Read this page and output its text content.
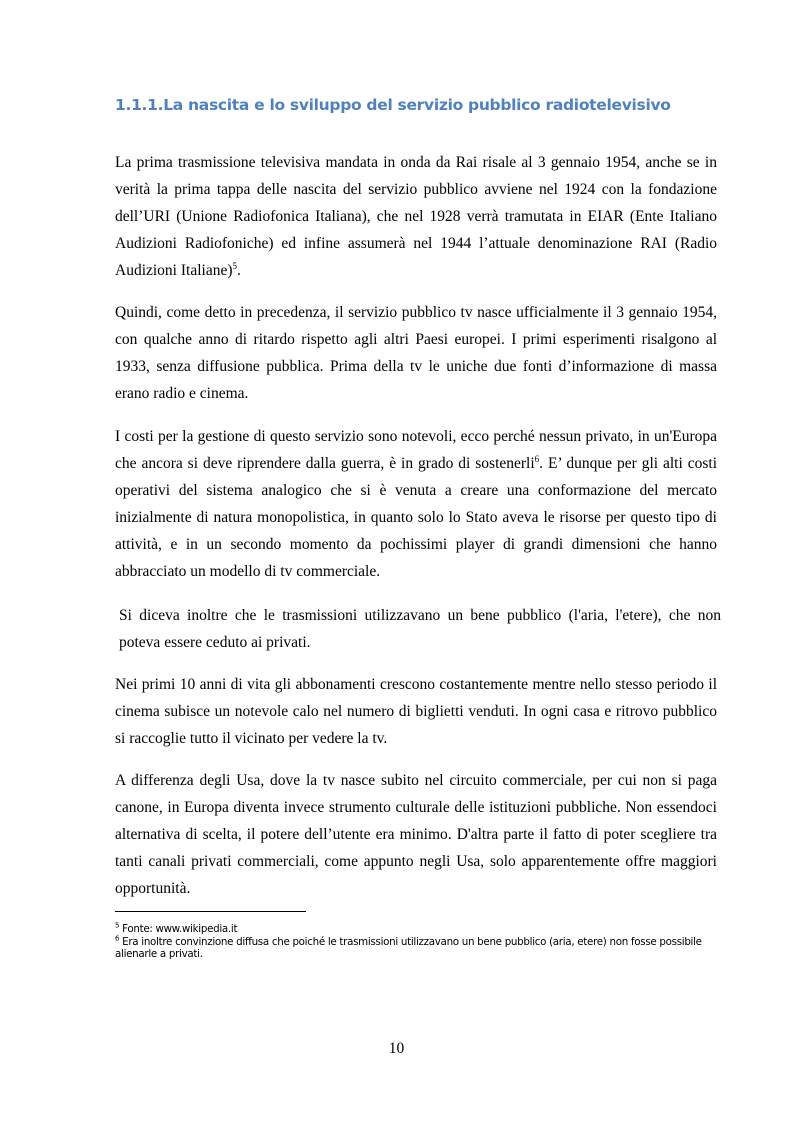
1.1.1.La nascita e lo sviluppo del servizio pubblico radiotelevisivo

La prima trasmissione televisiva mandata in onda da Rai risale al 3 gennaio 1954, anche se in verità la prima tappa delle nascita del servizio pubblico avviene nel 1924 con la fondazione dell’URI (Unione Radiofonica Italiana), che nel 1928 verrà tramutata in EIAR (Ente Italiano Audizioni Radiofoniche) ed infine assumerà nel 1944 l’attuale denominazione RAI (Radio Audizioni Italiane)$^5$.

Quindi, come detto in precedenza, il servizio pubblico tv nasce ufficialmente il 3 gennaio 1954, con qualche anno di ritardo rispetto agli altri Paesi europei. I primi esperimenti risalgono al 1933, senza diffusione pubblica. Prima della tv le uniche due fonti d’informazione di massa erano radio e cinema.

I costi per la gestione di questo servizio sono notevoli, ecco perché nessun privato, in un'Europa che ancora si deve riprendere dalla guerra, è in grado di sostenerli$^6$. E’ dunque per gli alti costi operativi del sistema analogico che si è venuta a creare una conformazione del mercato inizialmente di natura monopolistica, in quanto solo lo Stato aveva le risorse per questo tipo di attività, e in un secondo momento da pochissimi player di grandi dimensioni che hanno abbracciato un modello di tv commerciale.

Si diceva inoltre che le trasmissioni utilizzavano un bene pubblico (l'aria, l'etere), che non poteva essere ceduto ai privati.

Nei primi 10 anni di vita gli abbonamenti crescono costantemente mentre nello stesso periodo il cinema subisce un notevole calo nel numero di biglietti venduti. In ogni casa e ritrovo pubblico si raccoglie tutto il vicinato per vedere la tv.

A differenza degli Usa, dove la tv nasce subito nel circuito commerciale, per cui non si paga canone, in Europa diventa invece strumento culturale delle istituzioni pubbliche. Non essendoci alternativa di scelta, il potere dell’utente era minimo. D'altra parte il fatto di poter scegliere tra tanti canali privati commerciali, come appunto negli Usa, solo apparentemente offre maggiori opportunità.

$^5$ Fonte: www.wikipedia.it

$^6$ Era inoltre convinzione diffusa che poiché le trasmissioni utilizzavano un bene pubblico (aria, etere) non fosse possibile alienarle a privati.

10
